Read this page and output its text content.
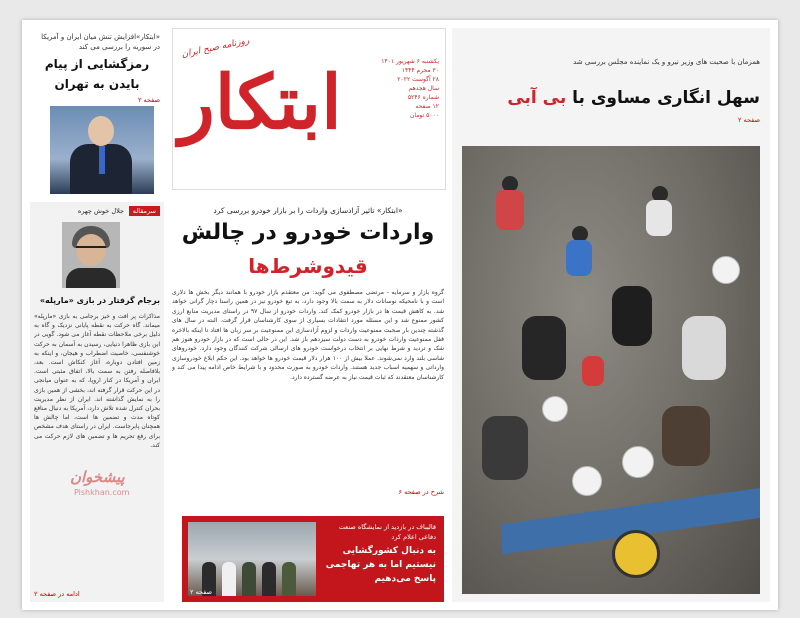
«ابتکار»افزایش تنش میان ایران و آمریکا در سوریه را بررسی می کند
رمزگشایی از پیام بایدن به تهران
صفحه ۲
سرمقاله
جلال خوش چهره
برجام گرفتار در بازی «مارپله»
مذاکرات پر افت و خیز برجامی به بازی «مارپله» میماند. گاه حرکت به نقطه پایانی نزدیک و گاه به دلیل برخی ملاحظات نقطه آغاز می شود. گویی در این بازی ظاهرا دنیایی، رسیدن به آسمان به حرکت خوشنفسی، خاصیت اضطراب و هیجان، و اینکه به زمین افتادن دوباره، آغاز کنکاش است. بعد، بلافاصله رفتن به سمت بالا، اتفاق مثبتی است. ایران و آمریکا در کنار اروپا، که به عنوان میانجی در این حرکت قرار گرفته اند، بخشی از همین بازی را به نمایش گذاشته اند. ایران از نظر مدیریت بحران کنترل شده تلاش دارد، آمریکا به دنبال منافع کوتاه مدت و تضمین ها است، اما چالش ها همچنان پابرجاست. ایران در راستای هدف مشخص برای رفع تحریم ها و تضمین های لازم حرکت می کند.
ادامه در صفحه ۲
پیشخوان
Pishkhan.com
ابتکار
روزنامه صبح ایران
یکشنبه ۶ شهریور ۱۴۰۱
۳۰ محرم ۱۴۴۴
۲۸ آگوست ۲۰۲۲
سال هجدهم
شماره ۵۲۴۶
۱۲ صفحه
۵۰۰۰ تومان
«ابتکار» تاثیر آزادسازی واردات را بر بازار خودرو بررسی کرد
واردات خودرو در چالش
قیدوشرط‌ها
گروه بازار و سرمایه - مرتضی مصطفوی می گوید: من معتقدم بازار خودرو با همانند دیگر بخش ها دلاری است و با نامحیکه نوسانات دلار به سمت بالا وجود دارد، به تبع خودرو نیز در همین راستا دچار گرانی خواهد شد. به کاهش قیمت ها در بازار خودرو کمک کند. واردات خودرو از سال ۹۷ در راستای مدیریت منابع ارزی کشور ممنوع شد و این مسئله مورد انتقادات بسیاری از سوی کارشناسان قرار گرفت. البته در سال های گذشته چندین بار صحبت ممنوعیت واردات و لزوم آزادسازی این ممنوعیت بر سر زبان ها افتاد تا اینکه بالاخره قفل ممنوعیت واردات خودرو به دست دولت سیزدهم باز شد. این در حالی است که در بازار خودرو هنوز هم شک و تردید و شرط نهایی بر انتخاب درخواست خودرو های ارسالی شرکت کنندگان وجود دارد. خودروهای شاسی بلند وارد نمی‌شوند. عملا بیش از ۱۰۰ هزار دلار قیمت خودرو ها خواهد بود. این حکم ابلاغ خودروسازی وارداتی و سهمیه اسباب جدید هستند. واردات خودرو به صورت محدود و با شرایط خاص ادامه پیدا می کند و کارشناسان معتقدند که ثبات قیمت نیاز به عرضه گسترده دارد.
شرح در صفحه ۶
قالیباف در بازدید از نمایشگاه صنعت دفاعی اعلام کرد
به دنبال کشورگشایی نیستیم اما به هر تهاجمی پاسخ می‌دهیم
صفحه ۲
همزمان با صحبت های وزیر نیرو و یک نماینده مجلس بررسی شد
سهل انگاری مساوی با بی آبی
صفحه ۲
